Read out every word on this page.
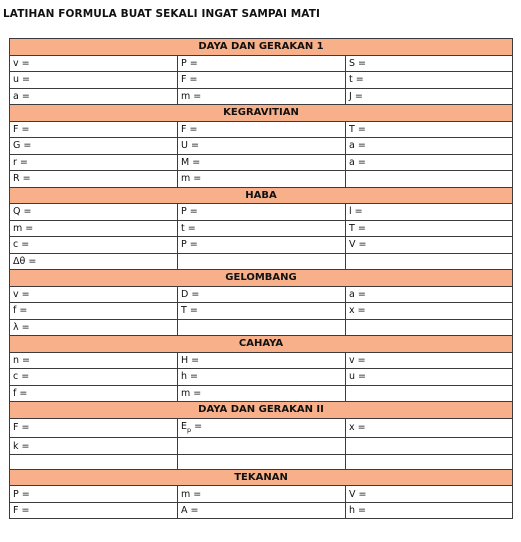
LATIHAN FORMULA BUAT SEKALI INGAT SAMPAI MATI
DAYA DAN GERAKAN 1		
v =	P =	S =
u =	F =	t =
a =	m =	J =
KEGRAVITIAN		
F =	F =	T =
G =	U =	a =
r =	M =	a =
R =	m =	
HABA		
Q =	P =	l =
m =	t =	T =
c =	P =	V =
Δθ =		
GELOMBANG		
v =	D =	a =
f =	T =	x =
λ =		
CAHAYA		
n =	H =	v =
c =	h =	u =
f =	m =	
DAYA DAN GERAKAN II		
F =	$E_p$ =	x =
k =		

TEKANAN		
P =	m =	V =
F =	A =	h =
